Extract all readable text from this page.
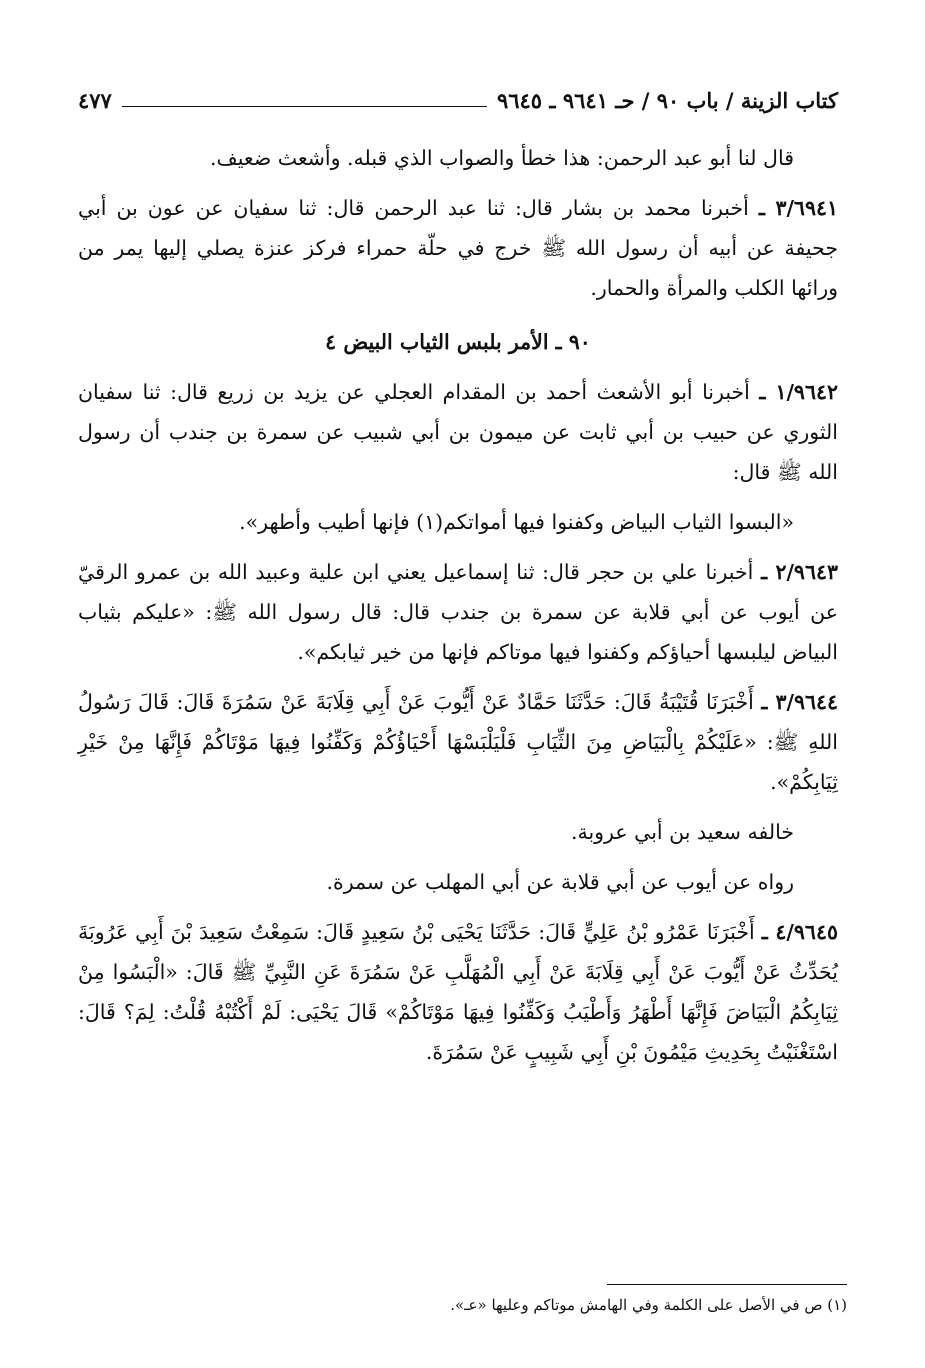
كتاب الزينة / باب ٩٠ / حـ ٩٦٤١ ـ ٩٦٤٥
٤٧٧

قال لنا أبو عبد الرحمن: هذا خطأ والصواب الذي قبله. وأشعث ضعيف.

٣/٦٩٤١ ـ أخبرنا محمد بن بشار قال: ثنا عبد الرحمن قال: ثنا سفيان عن عون بن أبي جحيفة عن أبيه أن رسول الله ﷺ خرج في حلّة حمراء فركز عنزة يصلي إليها يمر من ورائها الكلب والمرأة والحمار.

٩٠ ـ الأمر بلبس الثياب البيض ٤

١/٩٦٤٢ ـ أخبرنا أبو الأشعث أحمد بن المقدام العجلي عن يزيد بن زريع قال: ثنا سفيان الثوري عن حبيب بن أبي ثابت عن ميمون بن أبي شبيب عن سمرة بن جندب أن رسول الله ﷺ قال:

«البسوا الثياب البياض وكفنوا فيها أمواتكم(١) فإنها أطيب وأطهر».

٢/٩٦٤٣ ـ أخبرنا علي بن حجر قال: ثنا إسماعيل يعني ابن علية وعبيد الله بن عمرو الرقيّ عن أيوب عن أبي قلابة عن سمرة بن جندب قال: قال رسول الله ﷺ: «عليكم بثياب البياض ليلبسها أحياؤكم وكفنوا فيها موتاكم فإنها من خير ثيابكم».

٣/٩٦٤٤ ـ أَخْبَرَنَا قُتَيْبَةُ قَالَ: حَدَّثَنَا حَمَّادٌ عَنْ أَيُّوبَ عَنْ أَبِي قِلَابَةَ عَنْ سَمُرَةَ قَالَ: قَالَ رَسُولُ اللهِ ﷺ: «عَلَيْكُمْ بِالْبَيَاضِ مِنَ الثِّيَابِ فَلْيَلْبَسْهَا أَحْيَاؤُكُمْ وَكَفِّنُوا فِيهَا مَوْتَاكُمْ فَإِنَّهَا مِنْ خَيْرِ ثِيَابِكُمْ».

خالفه سعيد بن أبي عروبة.

رواه عن أيوب عن أبي قلابة عن أبي المهلب عن سمرة.

٤/٩٦٤٥ ـ أَخْبَرَنَا عَمْرُو بْنُ عَلِيٍّ قَالَ: حَدَّثَنَا يَحْيَى بْنُ سَعِيدٍ قَالَ: سَمِعْتُ سَعِيدَ بْنَ أَبِي عَرُوبَةَ يُحَدِّثُ عَنْ أَيُّوبَ عَنْ أَبِي قِلَابَةَ عَنْ أَبِي الْمُهَلَّبِ عَنْ سَمُرَةَ عَنِ النَّبِيِّ ﷺ قَالَ: «الْبَسُوا مِنْ ثِيَابِكُمُ الْبَيَاضَ فَإِنَّهَا أَطْهَرُ وَأَطْيَبُ وَكَفِّنُوا فِيهَا مَوْتَاكُمْ» قَالَ يَحْيَى: لَمْ أَكْتُبْهُ قُلْتُ: لِمَ؟ قَالَ: اسْتَغْنَيْتُ بِحَدِيثِ مَيْمُونَ بْنِ أَبِي شَبِيبٍ عَنْ سَمُرَةَ.

(١) ص في الأصل على الكلمة وفي الهامش موتاكم وعليها «عـ».
